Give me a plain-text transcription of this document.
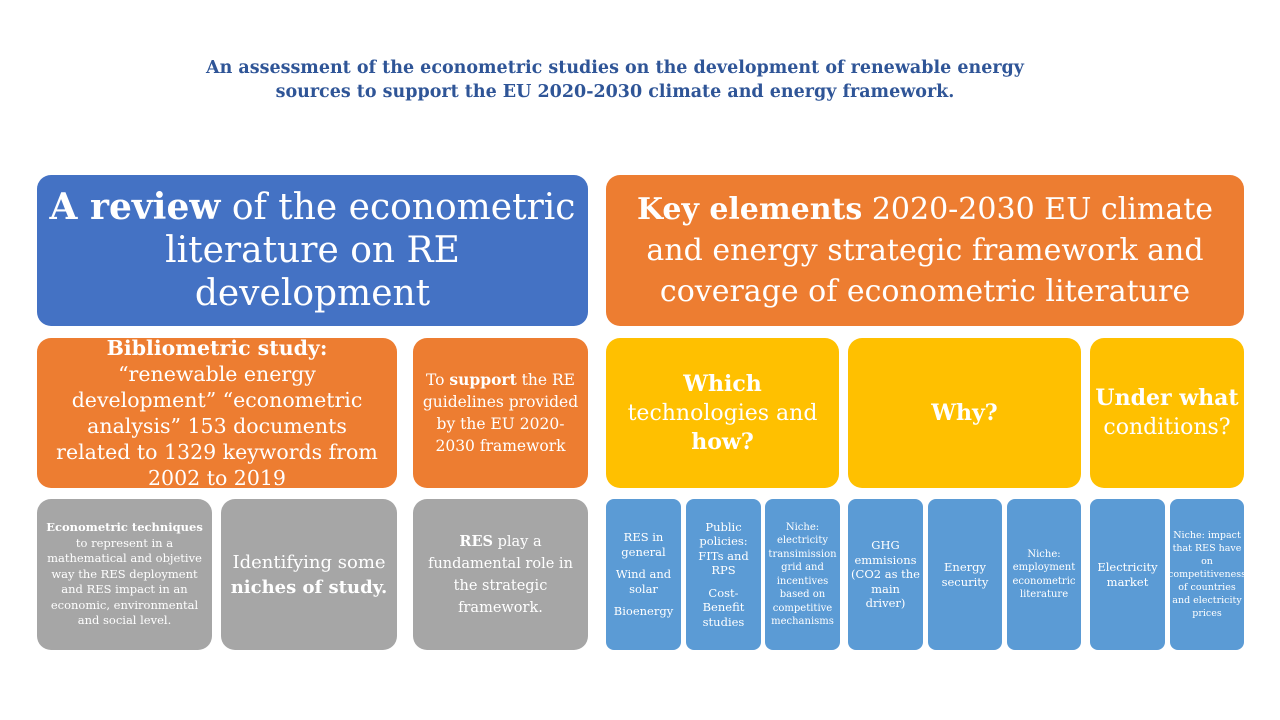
An assessment of the econometric studies on the development of renewable energy
sources to support the EU 2020-2030 climate and energy framework.
A review of the econometric literature on RE development
Key elements 2020-2030 EU climate and energy strategic framework and coverage of econometric literature
Bibliometric study: “renewable energy development” “econometric analysis” 153 documents related to 1329 keywords from 2002 to 2019
To support the RE guidelines provided by the EU 2020-2030 framework
Which technologies and how?
Why?
Under what conditions?
Econometric techniques to represent in a mathematical and objetive way the RES deployment and RES impact in an economic, environmental and social level.
Identifying some niches of study.
RES play a fundamental role in the strategic framework.
RES in general
Wind and solar
Bioenergy
Public policies: FITs and RPS
Cost-Benefit studies
Niche: electricity transimission grid and incentives based on competitive mechanisms
GHG emmisions (CO2 as the main driver)
Energy security
Niche: employment econometric literature
Electricity market
Niche: impact that RES have on competitiveness of countries and electricity prices
